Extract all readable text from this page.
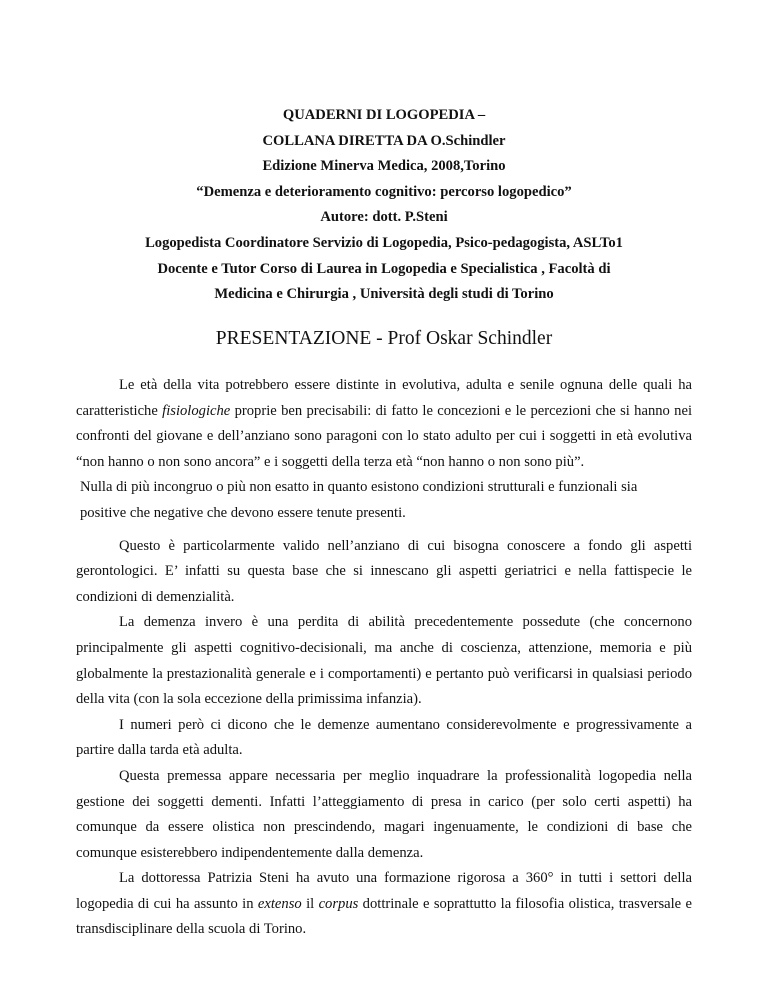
QUADERNI DI LOGOPEDIA –
COLLANA DIRETTA DA O.Schindler
Edizione Minerva Medica, 2008,Torino
“Demenza e deterioramento cognitivo: percorso logopedico”
Autore: dott. P.Steni
Logopedista Coordinatore Servizio di Logopedia, Psico-pedagogista, ASLTo1
Docente e Tutor Corso di Laurea in Logopedia e Specialistica , Facoltà di
Medicina e Chirurgia , Università degli studi di Torino
PRESENTAZIONE - Prof Oskar Schindler

Le età della vita potrebbero essere distinte in evolutiva, adulta e senile ognuna delle quali ha caratteristiche fisiologiche proprie ben precisabili: di fatto le concezioni e le percezioni che si hanno nei confronti del giovane e dell’anziano sono paragoni con lo stato adulto per cui i soggetti in età evolutiva “non hanno o non sono ancora” e i soggetti della terza età “non hanno o non sono più”.

Nulla di più incongruo o più non esatto in quanto esistono condizioni strutturali e funzionali sia

positive che negative che devono essere tenute presenti.

Questo è particolarmente valido nell’anziano di cui bisogna conoscere a fondo gli aspetti gerontologici. E’ infatti su questa base che si innescano gli aspetti geriatrici e nella fattispecie le condizioni di demenzialità.

La demenza invero è una perdita di abilità precedentemente possedute (che concernono principalmente gli aspetti cognitivo-decisionali, ma anche di coscienza, attenzione, memoria e più globalmente la prestazionalità generale e i comportamenti) e pertanto può verificarsi in qualsiasi periodo della vita (con la sola eccezione della primissima infanzia).

I numeri però ci dicono che le demenze aumentano considerevolmente e progressivamente a partire dalla tarda età adulta.

Questa premessa appare necessaria per meglio inquadrare la professionalità logopedia nella gestione dei soggetti dementi. Infatti l’atteggiamento di presa in carico (per solo certi aspetti) ha comunque da essere olistica non prescindendo, magari ingenuamente, le condizioni di base che comunque esisterebbero indipendentemente dalla demenza.

La dottoressa Patrizia Steni ha avuto una formazione rigorosa a 360° in tutti i settori della logopedia di cui ha assunto in extenso il corpus dottrinale e soprattutto la filosofia olistica, trasversale e transdisciplinare della scuola di Torino.
